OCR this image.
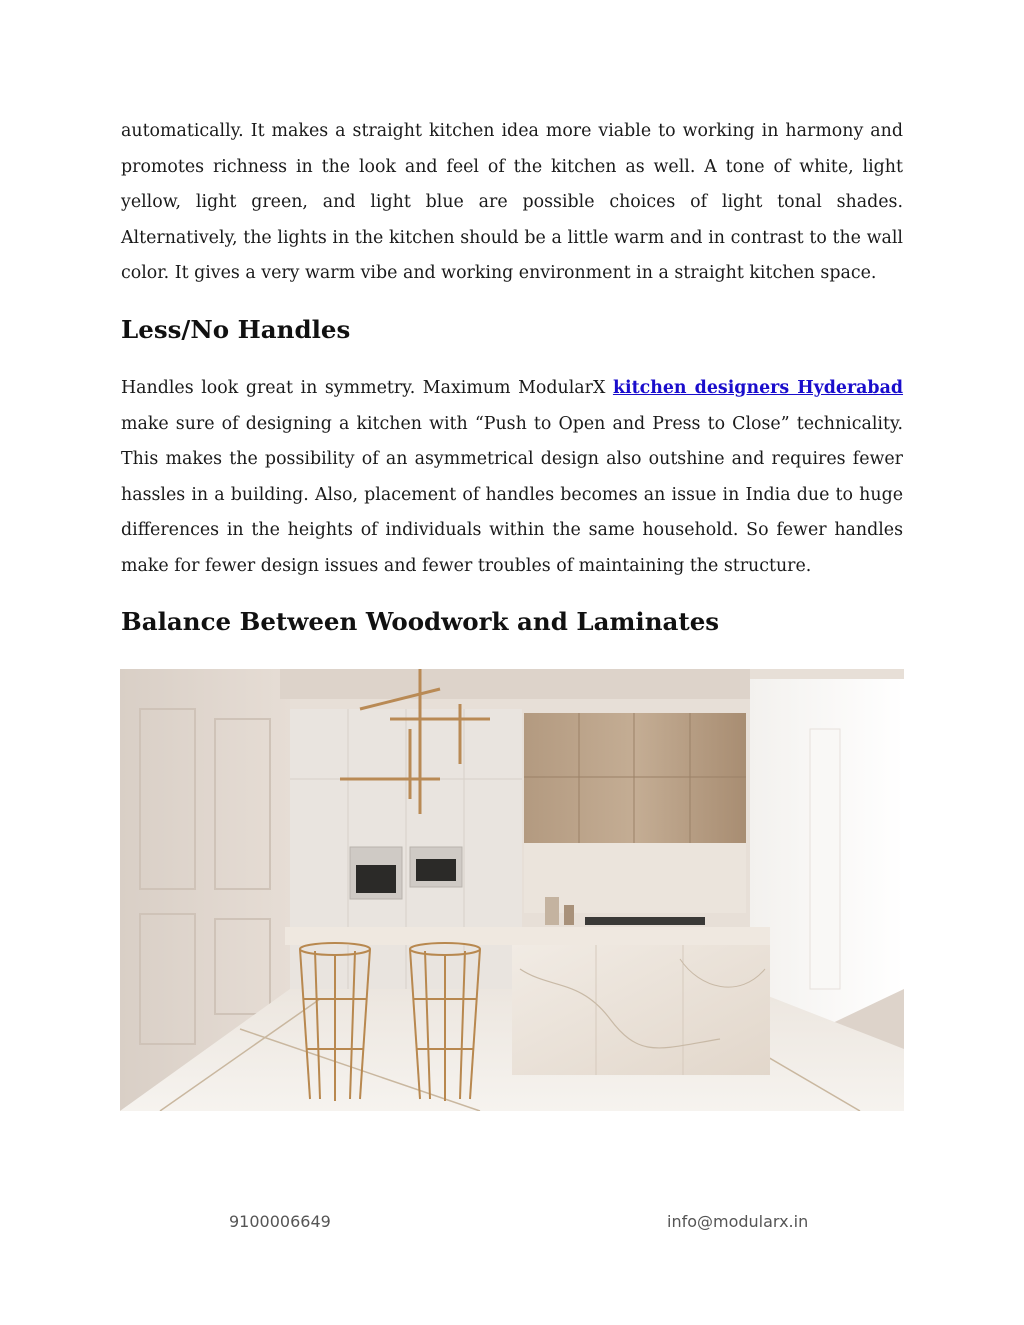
automatically. It makes a straight kitchen idea more viable to working in harmony and promotes richness in the look and feel of the kitchen as well. A tone of white, light yellow, light green, and light blue are possible choices of light tonal shades. Alternatively, the lights in the kitchen should be a little warm and in contrast to the wall color. It gives a very warm vibe and working environment in a straight kitchen space.

Less/No Handles

Handles look great in symmetry. Maximum ModularX kitchen designers Hyderabad make sure of designing a kitchen with “Push to Open and Press to Close” technicality. This makes the possibility of an asymmetrical design also outshine and requires fewer hassles in a building. Also, placement of handles becomes an issue in India due to huge differences in the heights of individuals within the same household. So fewer handles make for fewer design issues and fewer troubles of maintaining the structure.

Balance Between Woodwork and Laminates
9100006649	info@modularx.in
